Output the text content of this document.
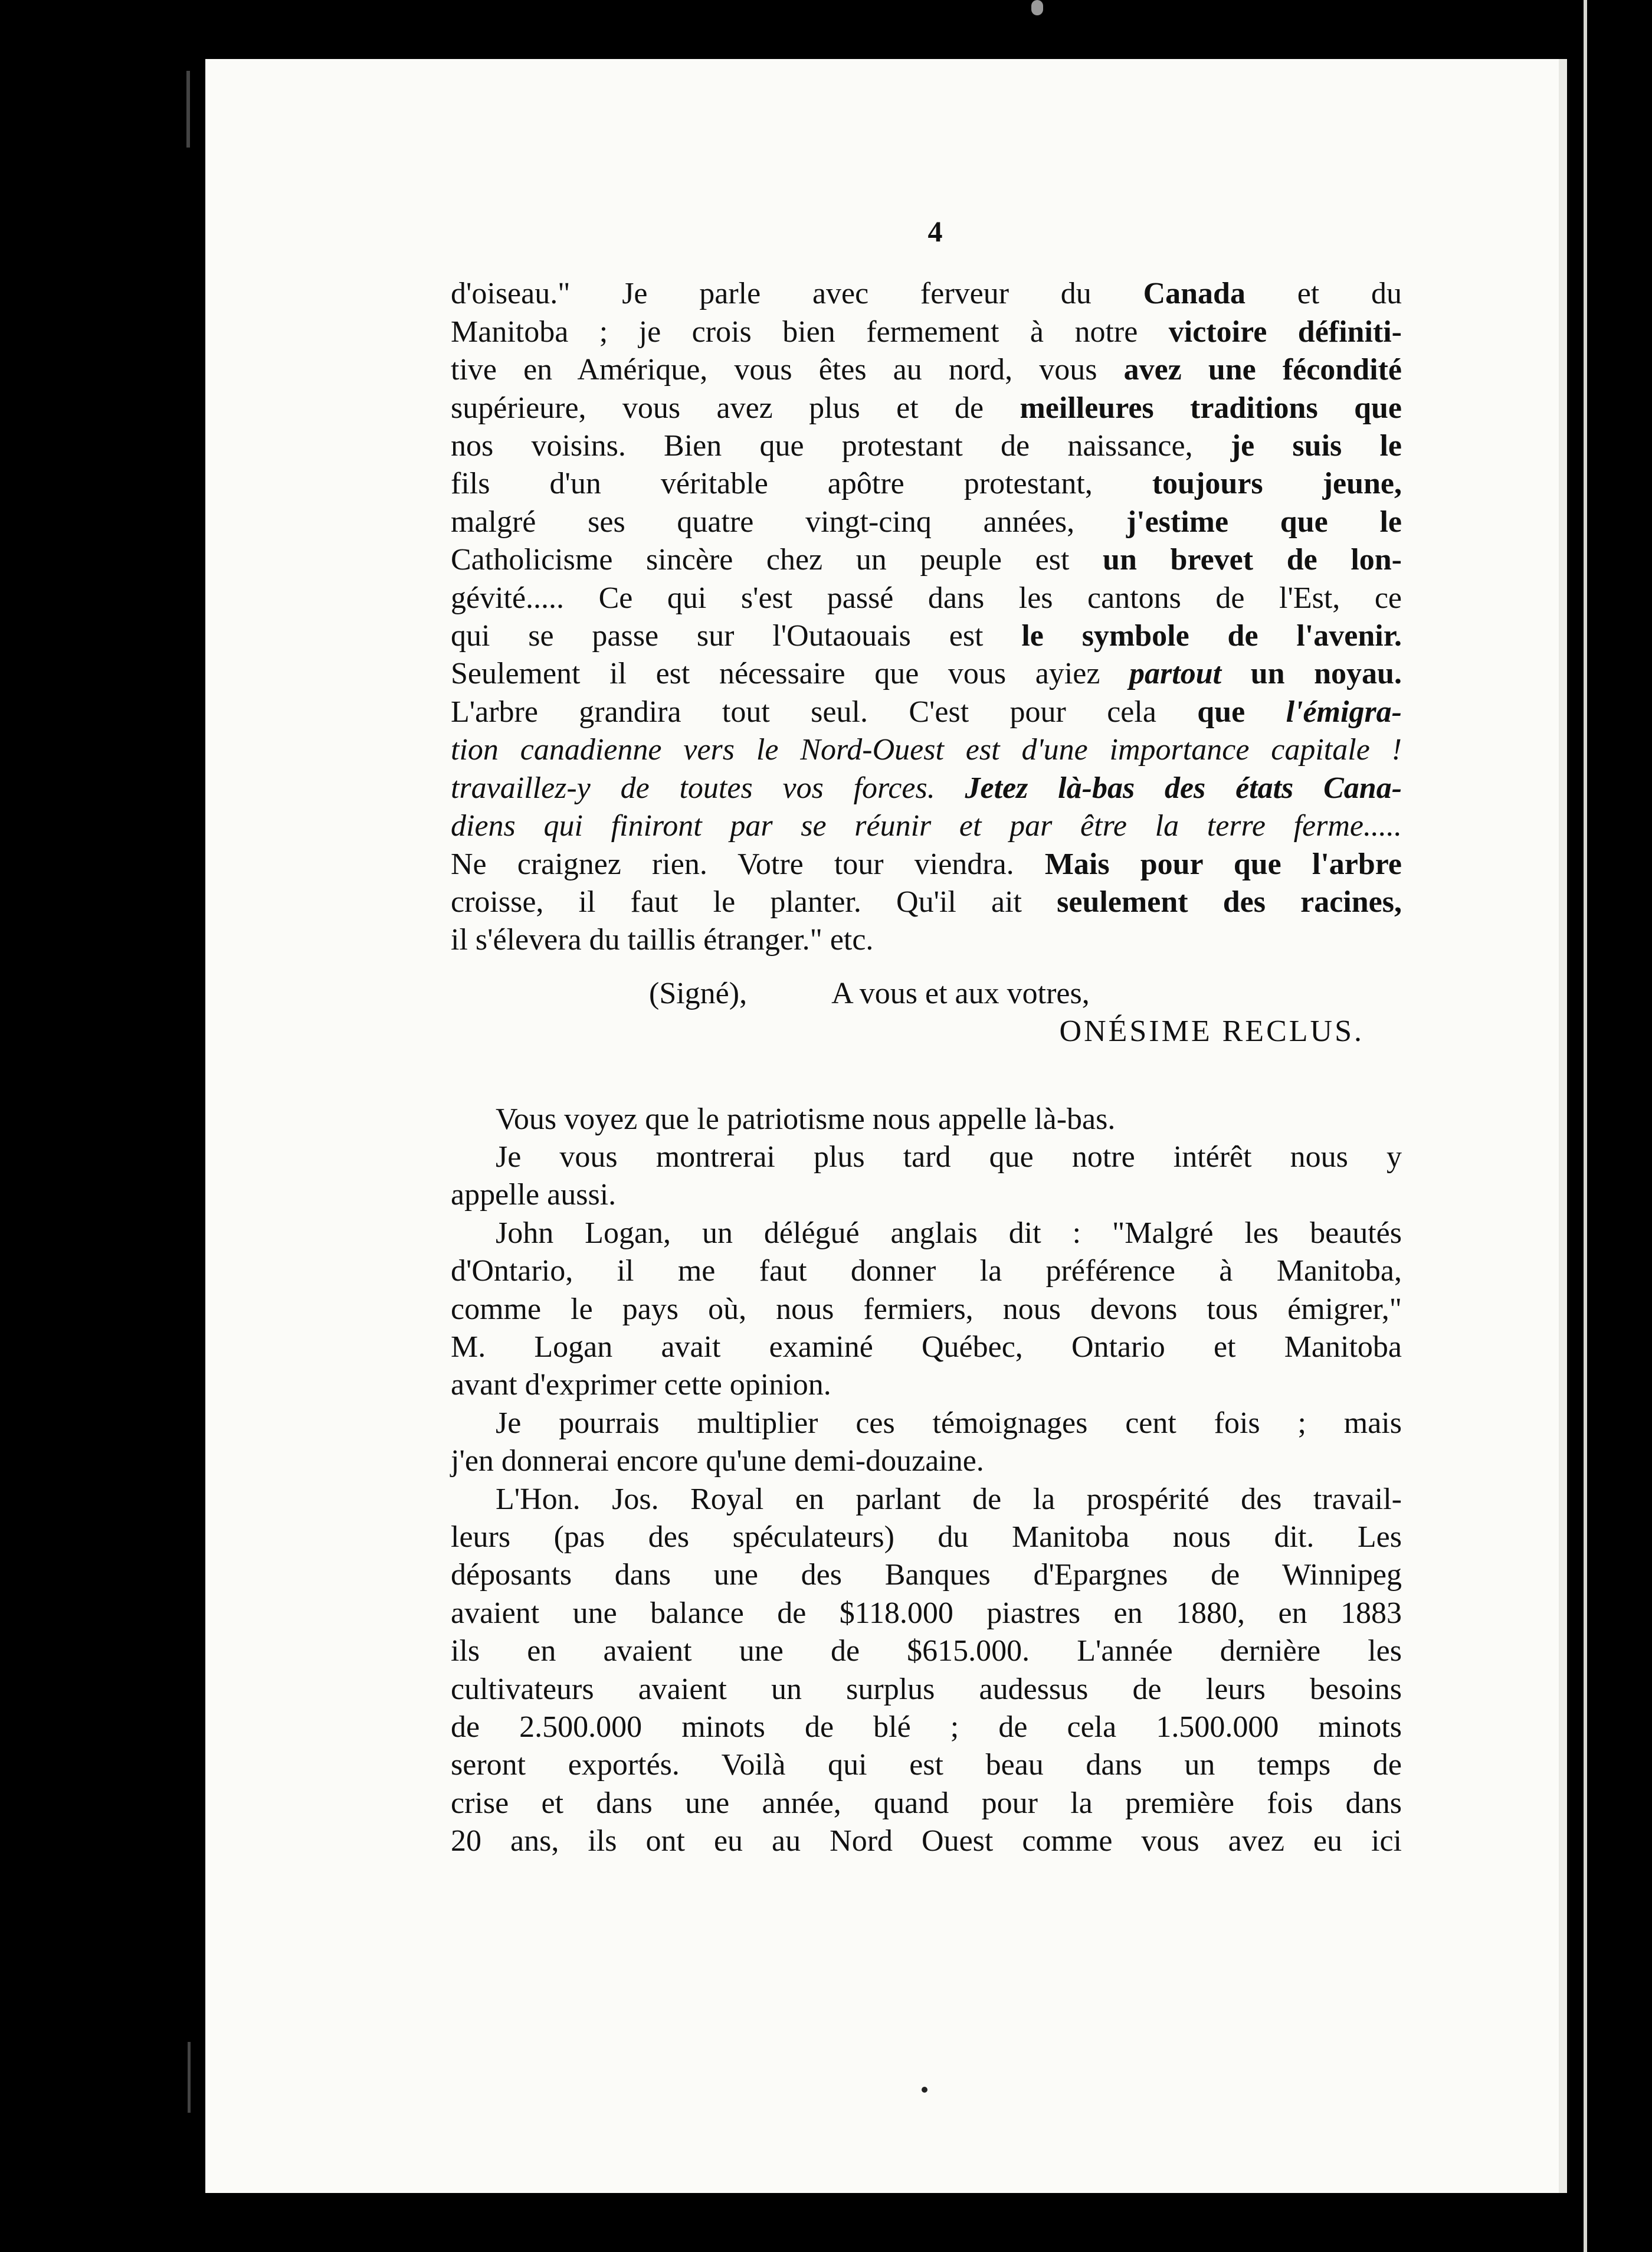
4
d'oiseau." Je parle avec ferveur du Canada et du
Manitoba ; je crois bien fermement à notre victoire définiti-
tive en Amérique, vous êtes au nord, vous avez une fécondité
supérieure, vous avez plus et de meilleures traditions que
nos voisins. Bien que protestant de naissance, je suis le
fils d'un véritable apôtre protestant, toujours jeune,
malgré ses quatre vingt-cinq années, j'estime que le
Catholicisme sincère chez un peuple est un brevet de lon-
gévité..... Ce qui s'est passé dans les cantons de l'Est, ce
qui se passe sur l'Outaouais est le symbole de l'avenir.
Seulement il est nécessaire que vous ayiez partout un noyau.
L'arbre grandira tout seul. C'est pour cela que l'émigra-
tion canadienne vers le Nord-Ouest est d'une importance capitale !
travaillez-y de toutes vos forces. Jetez là-bas des états Cana-
diens qui finiront par se réunir et par être la terre ferme.....
Ne craignez rien. Votre tour viendra. Mais pour que l'arbre
croisse, il faut le planter. Qu'il ait seulement des racines,
il s'élevera du taillis étranger." etc.
(Signé),	A vous et aux votres,
ONÉSIME RECLUS.
Vous voyez que le patriotisme nous appelle là-bas.
Je vous montrerai plus tard que notre intérêt nous y
appelle aussi.
John Logan, un délégué anglais dit : "Malgré les beautés
d'Ontario, il me faut donner la préférence à Manitoba,
comme le pays où, nous fermiers, nous devons tous émigrer,"
M. Logan avait examiné Québec, Ontario et Manitoba
avant d'exprimer cette opinion.
Je pourrais multiplier ces témoignages cent fois ; mais
j'en donnerai encore qu'une demi-douzaine.
L'Hon. Jos. Royal en parlant de la prospérité des travail-
leurs (pas des spéculateurs) du Manitoba nous dit. Les
déposants dans une des Banques d'Epargnes de Winnipeg
avaient une balance de $118.000 piastres en 1880, en 1883
ils en avaient une de $615.000. L'année dernière les
cultivateurs avaient un surplus audessus de leurs besoins
de 2.500.000 minots de blé ; de cela 1.500.000 minots
seront exportés. Voilà qui est beau dans un temps de
crise et dans une année, quand pour la première fois dans
20 ans, ils ont eu au Nord Ouest comme vous avez eu ici
